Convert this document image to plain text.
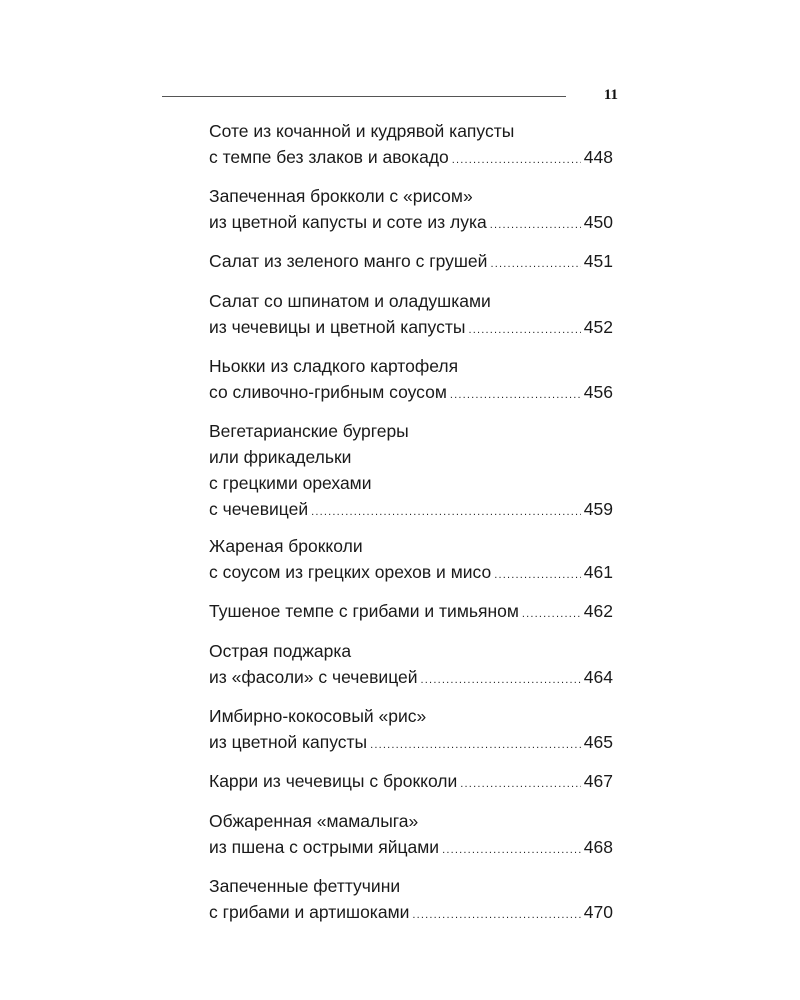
11
Соте из кочанной и кудрявой капусты
с темпе без злаков и авокадо .....	448
Запеченная брокколи с «рисом»
из цветной капусты и соте из лука .....	450
Салат из зеленого манго с грушей .....	451
Салат со шпинатом и оладушками
из чечевицы и цветной капусты .....	452
Ньокки из сладкого картофеля
со сливочно-грибным соусом .....	456
Вегетарианские бургеры
или фрикадельки
с грецкими орехами
с чечевицей .....	459
Жареная брокколи
с соусом из грецких орехов и мисо .....	461
Тушеное темпе с грибами и тимьяном .....	462
Острая поджарка
из «фасоли» с чечевицей .....	464
Имбирно-кокосовый «рис»
из цветной капусты .....	465
Карри из чечевицы с брокколи .....	467
Обжаренная «мамалыга»
из пшена с острыми яйцами .....	468
Запеченные феттучини
с грибами и артишоками .....	470
